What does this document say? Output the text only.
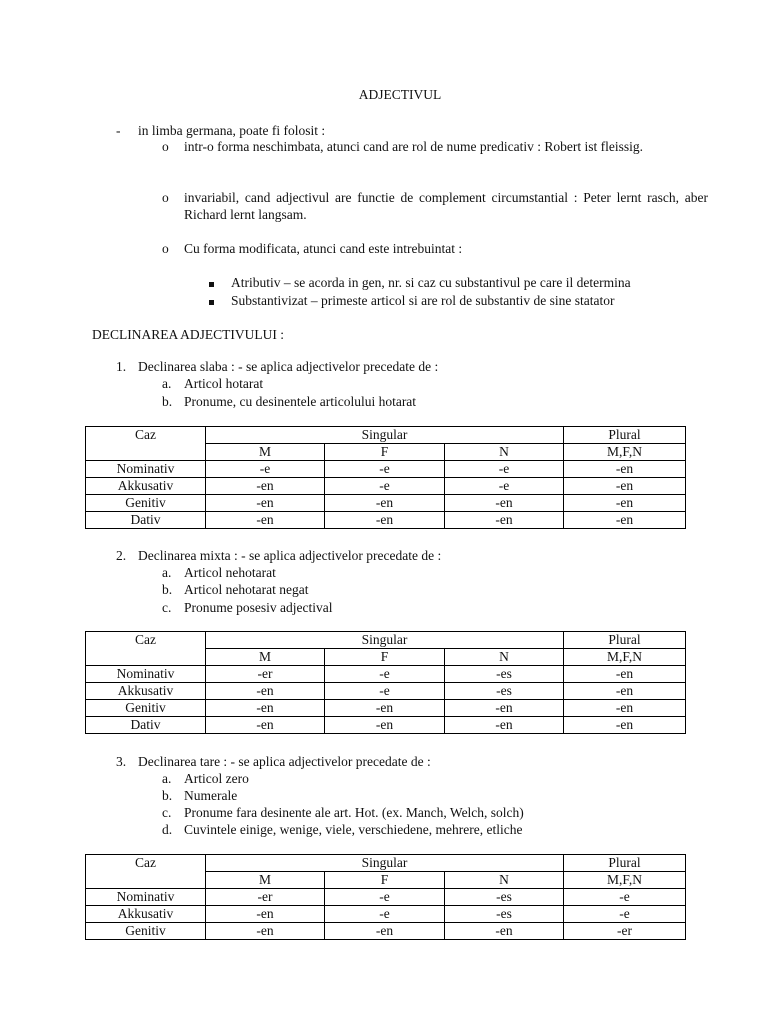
ADJECTIVUL
- in limba germana, poate fi folosit :
o intr-o forma neschimbata, atunci cand are rol de nume predicativ : Robert ist fleissig.
o invariabil, cand adjectivul are functie de complement circumstantial : Peter lernt rasch, aber Richard lernt langsam.
o Cu forma modificata, atunci cand este intrebuintat :
Atributiv – se acorda in gen, nr. si caz cu substantivul pe care il determina
Substantivizat – primeste articol si are rol de substantiv de sine statator
DECLINAREA ADJECTIVULUI :
1. Declinarea slaba : - se aplica adjectivelor precedate de :
a. Articol hotarat
b. Pronume, cu desinentele articolului hotarat
Caz	Singular			Plural
	M	F	N	M,F,N
Nominativ	-e	-e	-e	-en
Akkusativ	-en	-e	-e	-en
Genitiv	-en	-en	-en	-en
Dativ	-en	-en	-en	-en
2. Declinarea mixta : - se aplica adjectivelor precedate de :
a. Articol nehotarat
b. Articol nehotarat negat
c. Pronume posesiv adjectival
Caz	Singular			Plural
	M	F	N	M,F,N
Nominativ	-er	-e	-es	-en
Akkusativ	-en	-e	-es	-en
Genitiv	-en	-en	-en	-en
Dativ	-en	-en	-en	-en
3. Declinarea tare : - se aplica adjectivelor precedate de :
a. Articol zero
b. Numerale
c. Pronume fara desinente ale art. Hot. (ex. Manch, Welch, solch)
d. Cuvintele einige, wenige, viele, verschiedene, mehrere, etliche
Caz	Singular			Plural
	M	F	N	M,F,N
Nominativ	-er	-e	-es	-e
Akkusativ	-en	-e	-es	-e
Genitiv	-en	-en	-en	-er
